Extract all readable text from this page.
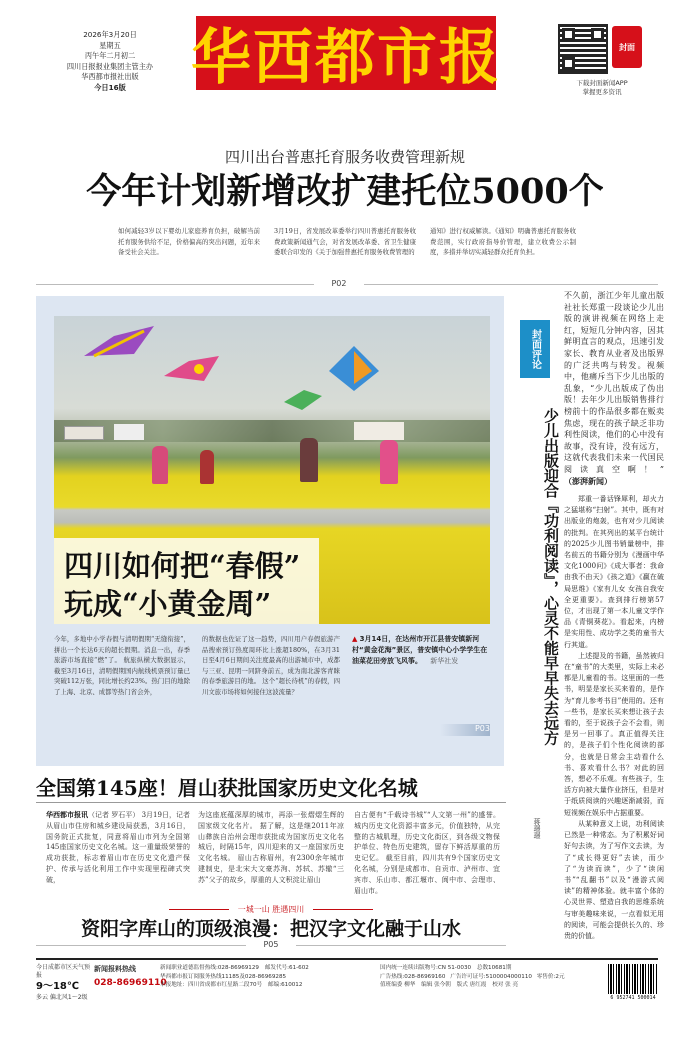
2026年3月20日
星期五
丙午年二月初二
四川日报报业集团主管主办
华西都市报社出版
今日16版	华西都市报	封面
下载封面新闻APP
掌握更多资讯
四川出台普惠托育服务收费管理新规
今年计划新增改扩建托位5000个
如何减轻3岁以下婴幼儿家庭养育负担，破解当前托育服务供给不足，价格偏高的突出问题，近年来备受社会关注。
3月19日，省发展改革委举行四川普惠托育服务收费政策新闻通气会，对省发展改革委、省卫生健康委联合印发的《关于加强普惠托育服务收费管理的
通知》进行权威解读。《通知》明确普惠托育服务收费范围，实行政府指导价管理，建立收费公示制度，多措并举切实减轻群众托育负担。
P02
四川如何把“春假”
玩成“小黄金周”
今年，多地中小学春假与清明假期“无缝衔接”，拼出一个长达6天的超长假期。消息一出，春季旅游市场直接“燃”了。 航旅纵横大数据显示，截至3月16日，清明假期国内航线机票预订量已突破112万张，同比增长约23%。热门目的地除了上海、北京、成都等热门省会外，
的数据也佐证了这一趋势，四川用户春假旅游产品搜索预订热度周环比上涨超180%，在3月31日至4月6日期间关注度最高的出游城市中，成都与三亚、昆明一同跻身前五，成为南北游客青睐的春季旅游目的地。 这个“超长待机”的春假，四川文旅市场将如何接住这波流量？
▲ 3月14日，在达州市开江县普安镇新河村“黄金花海”景区，普安镇中心小学学生在油菜花田旁放飞风筝。 新华社发
P03
不久前，浙江少年儿童出版社社长郑重一段谈论少儿出版的演讲视频在网络上走红，短短几分钟内容，因其鲜明直言的观点，迅速引发家长、教育从业者及出版界的广泛共鸣与转发。视频中，他痛斥当下少儿出版的乱象，“少儿出版成了伪出版！去年少儿出版销售排行榜前十的作品很多都在贩卖焦虑，现在的孩子缺乏非功利性阅读，他们的心中没有故事，没有诗，没有远方，这就代表我们未来一代国民阅读真空啊！” （澎湃新闻）
封面评论
少儿出版迎合『功利阅读』，心灵不能早早失去远方
蒋璟璟

郑重一番话锋犀利，却火力之猛堪称“扫射”。其中，既有对出版业的炮轰，也有对少儿阅读的批判。在其列出的某平台统计的2025少儿图书销量榜中，排名前五的书籍分别为《漫画中华文化1000问》《成大事者：我命由我不由天》《孩之道》《赢在破局思维》《家有儿女 女孩自我安全更重要》。查到排行榜第57位，才出现了第一本儿童文学作品《青铜葵花》。看起来，内榜是实用性、成功学之类的童书大行其道。

上述提及的书籍，虽然被归在“童书”的大类里，实际上未必都是儿童看的书。这里面的一些书，明显是家长买来看的，是作为“育儿参考书目”使用的。还有一些书，是家长买来想让孩子去看的，至于说孩子会不会看，则是另一回事了。真正值得关注的，是孩子们个性化阅读的部分，也就是日常会主动看什么书、喜欢看什么书？对此的回答，想必不乐观。有些孩子，生活方向被大量作业挤压，但是对于纸质阅读的兴趣逐渐减弱，而短视频在娱乐中占据重要。

从某种意义上说，功利阅读已然是一种常态。为了积累好词好句去读，为了写作文去读，为了“成长得更好”去读，而少了“为读而读”，少了“读闲书”“乱翻书”以及“漫游式阅读”的精神体验。就丰富个体的心灵世界、塑造自我的思维系统与审美趣味来说，一点看似无用的阅读，可能会提供长久的、珍贵的价值。

全国第145座！眉山获批国家历史文化名城
华西都市报讯（记者 罗石平） 3月19日，记者从眉山市住房和城乡建设局获悉，3月16日，国务院正式批复，同意将眉山市列为全国第145座国家历史文化名城。这一重量级荣誉的成功获批，标志着眉山市在历史文化遗产保护、传承与活化利用工作中实现里程碑式突破，
为这座底蕴深厚的城市，再添一张熠熠生辉的国家级文化名片。 据了解，这是继2011年凉山彝族自治州会理市获批成为国家历史文化名城后，时隔15年，四川迎来的又一座国家历史文化名城。 眉山古称眉州，有2300余年城市建制史，是北宋大文豪苏洵、苏轼、苏辙“三苏”父子的故乡，厚重的人文积淀让眉山
自古便有“千载诗书城”“人文第一州”的盛誉。城内历史文化资源丰富多元，价值独特，从完整的古城肌理，历史文化街区，到各级文物保护单位、特色历史建筑，留存下鲜活厚重的历史记忆。 截至目前，四川共有9个国家历史文化名城，分别是成都市、自贡市、泸州市、宜宾市、乐山市、都江堰市、阆中市、会理市、眉山市。
一城一山 胜遇四川
资阳字库山的顶级浪漫：把汉字文化融于山水
P05
今日成都市区天气预报
9～18℃
多云 偏北风1～2级
新闻报料热线
028-86969110
新闻职业道德监督热线:028-86969129 邮发代号:61-602
华西都市报订阅服务热线11185及028-86969285
本报地址：四川省成都市红星路二段70号 邮编:610012
国内统一连续出版物号:CN 51-0030 总数10681期
广告热线:028-86969160 广告许可证号:5100004000110 零售价:2元
值班编委 柳华 编辑 张今朝 版式 唐红霞 校对 张 亮
6 952741 500014
